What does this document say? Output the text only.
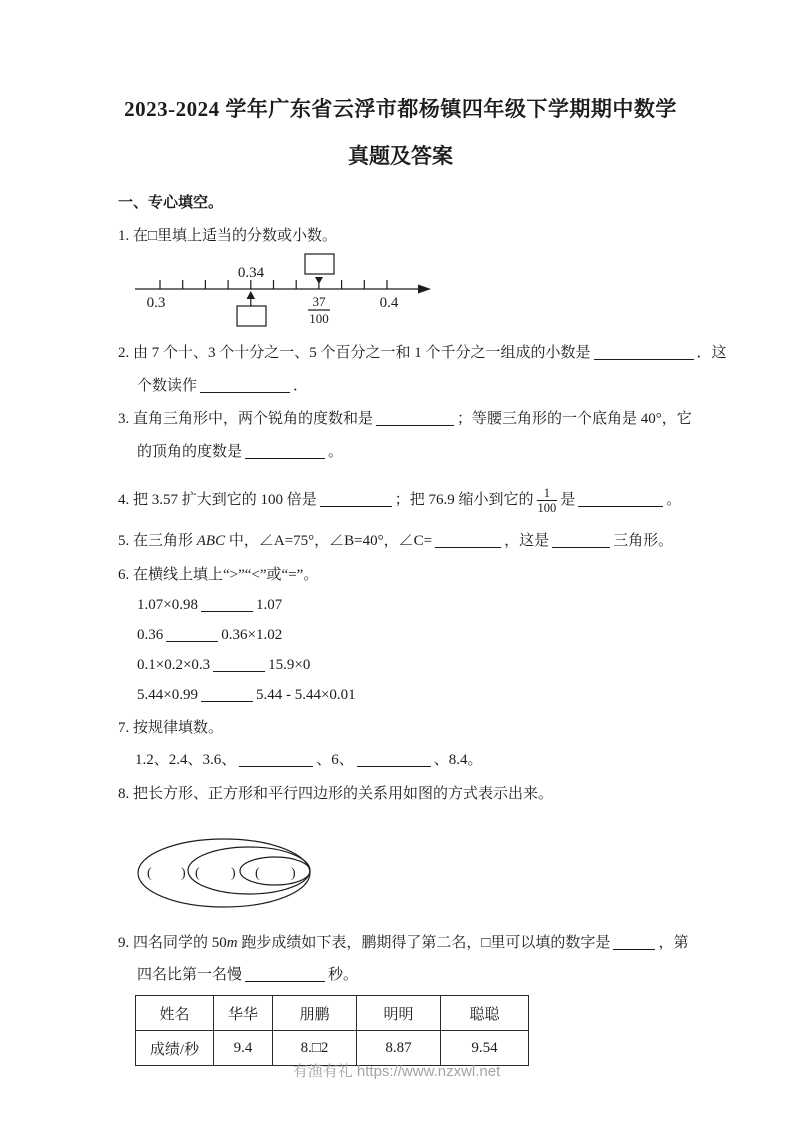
2023-2024 学年广东省云浮市都杨镇四年级下学期期中数学
真题及答案
一、专心填空。
1. 在□里填上适当的分数或小数。
0.3	0.4
0.34
37
100
2. 由 7 个十、3 个十分之一、5 个百分之一和 1 个千分之一组成的小数是	．这
个数读作	．
3. 直角三角形中，两个锐角的度数和是	；等腰三角形的一个底角是 40°，它
的顶角的度数是	。
4. 把 3.57 扩大到它的 100 倍是	；把 76.9 缩小到它的 $\frac{1}{100}$ 是	。
5. 在三角形 ABC 中，∠A=75°，∠B=40°，∠C=	，这是	三角形。
6. 在横线上填上“>”“<”或“=”。
1.07×0.98	1.07
0.36	0.36×1.02
0.1×0.2×0.3	15.9×0
5.44×0.99	5.44 - 5.44×0.01
7. 按规律填数。
1.2、2.4、3.6、	、6、	、8.4。
8. 把长方形、正方形和平行四边形的关系用如图的方式表示出来。
( ) ( ) ( )
9. 四名同学的 50m 跑步成绩如下表，鹏期得了第二名，□里可以填的数字是	，第
四名比第一名慢	秒。
姓名	华华	朋鹏	明明	聪聪
成绩/秒	9.4	8.□2	8.87	9.54
有渔有礼 https://www.nzxwl.net
